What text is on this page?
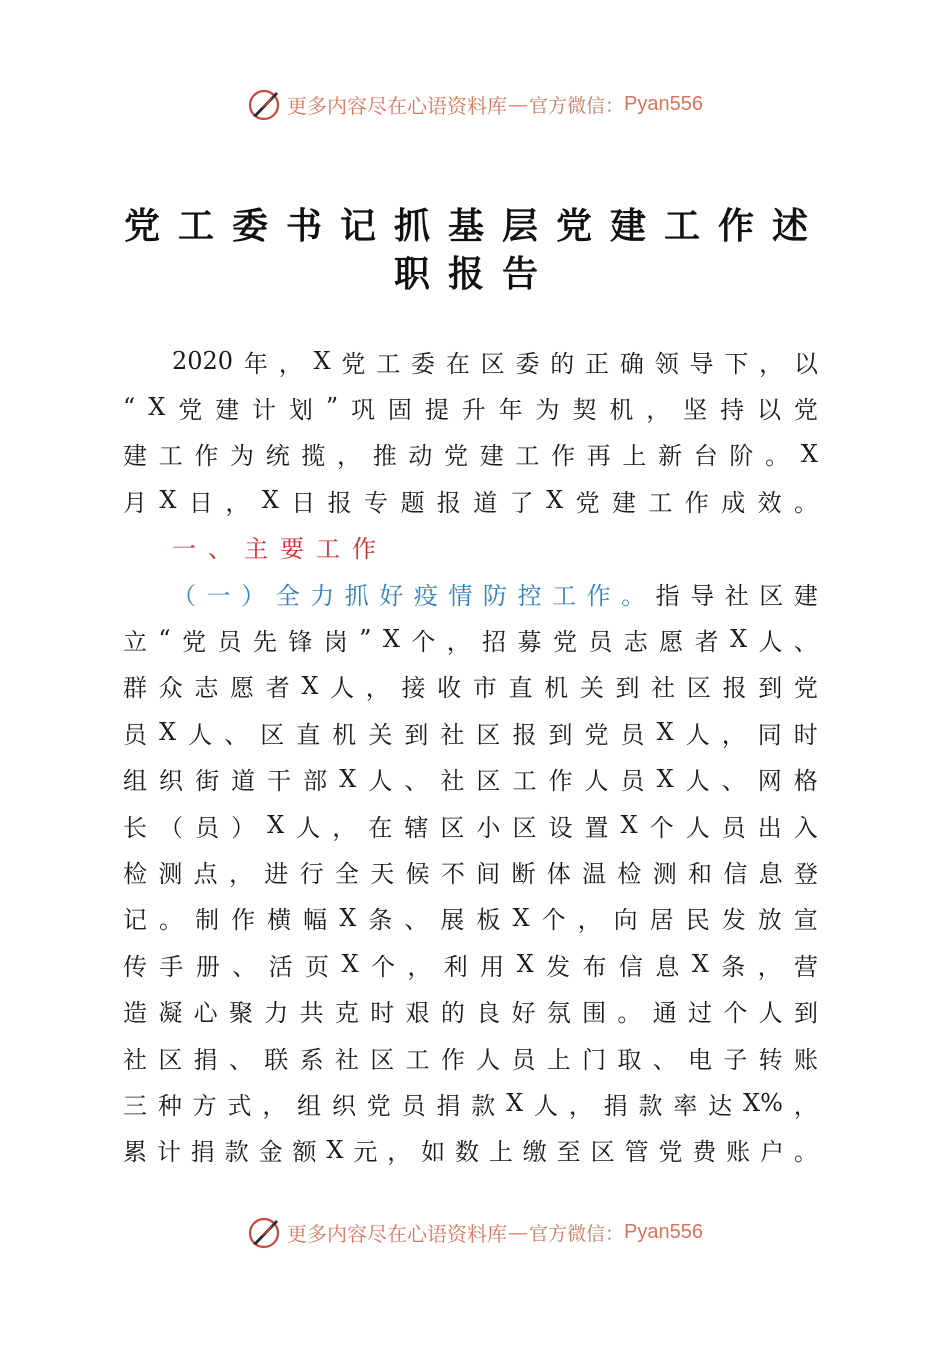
更多内容尽在心语资料库 — 官方微信： Pyan556
党工委书记抓基层党建工作述
职报告
2020 年 ， X 党 工 委 在 区 委 的 正 确 领 导 下 ， 以
“ X 党 建 计 划 ” 巩 固 提 升 年 为 契 机 ， 坚 持 以 党
建 工 作 为 统 揽 ， 推 动 党 建 工 作 再 上 新 台 阶 。 X
月 X 日 ， X 日 报 专 题 报 道 了 X 党 建 工 作 成 效 。
一、主要工作
（ 一 ） 全 力 抓 好 疫 情 防 控 工 作 。 指 导 社 区 建
立 “ 党 员 先 锋 岗 ” X 个 ， 招 募 党 员 志 愿 者 X 人 、
群 众 志 愿 者 X 人 ， 接 收 市 直 机 关 到 社 区 报 到 党
员 X 人 、 区 直 机 关 到 社 区 报 到 党 员 X 人 ， 同 时
组 织 街 道 干 部 X 人 、 社 区 工 作 人 员 X 人 、 网 格
长 （ 员 ） X 人 ， 在 辖 区 小 区 设 置 X 个 人 员 出 入
检 测 点 ， 进 行 全 天 候 不 间 断 体 温 检 测 和 信 息 登
记 。 制 作 横 幅 X 条 、 展 板 X 个 ， 向 居 民 发 放 宣
传 手 册 、 活 页 X 个 ， 利 用 X 发 布 信 息 X 条 ， 营
造 凝 心 聚 力 共 克 时 艰 的 良 好 氛 围 。 通 过 个 人 到
社 区 捐 、 联 系 社 区 工 作 人 员 上 门 取 、 电 子 转 账
三 种 方 式 ， 组 织 党 员 捐 款 X 人 ， 捐 款 率 达 X% ，
累 计 捐 款 金 额 X 元 ， 如 数 上 缴 至 区 管 党 费 账 户 。
更多内容尽在心语资料库 — 官方微信： Pyan556
